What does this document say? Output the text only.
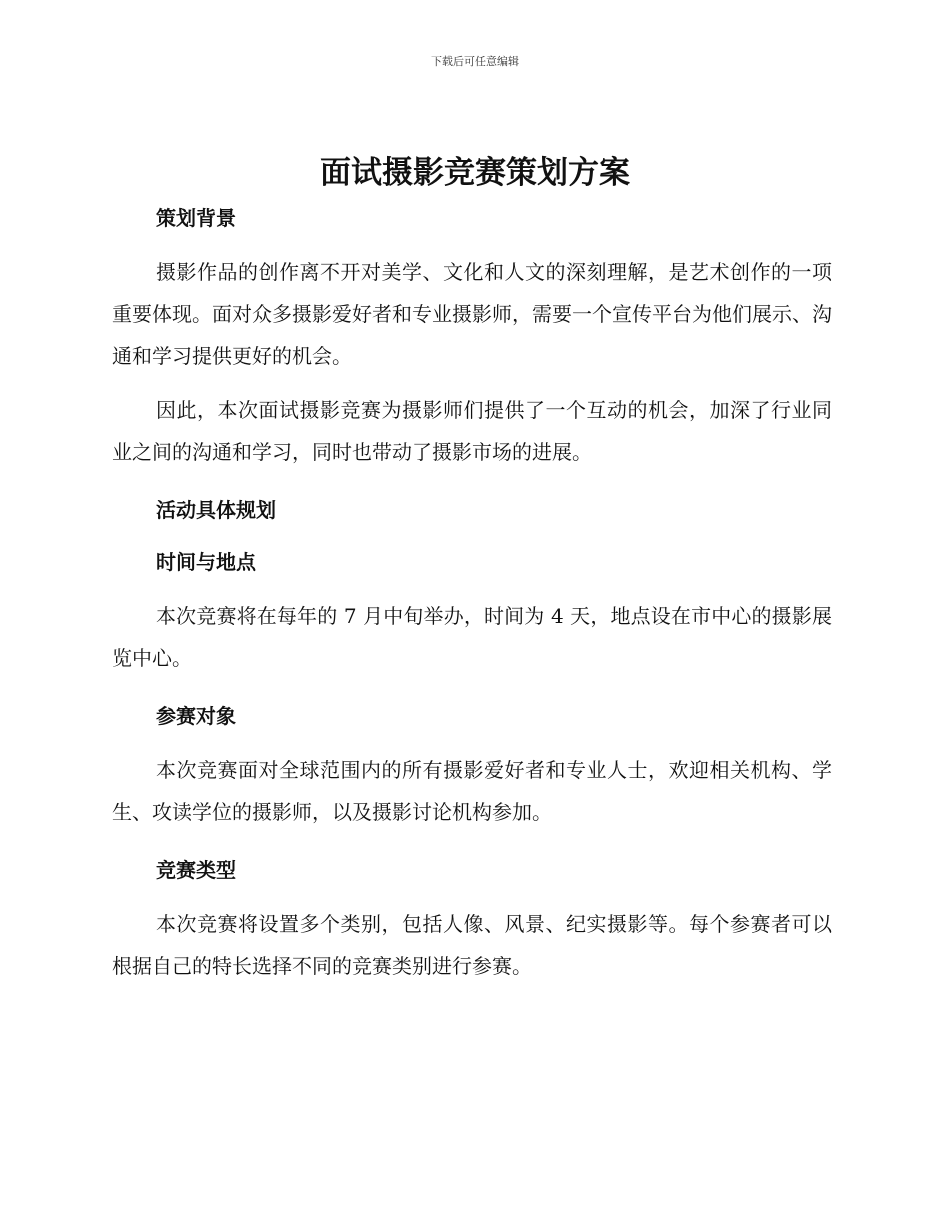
下载后可任意编辑
面试摄影竞赛策划方案

策划背景

摄影作品的创作离不开对美学、文化和人文的深刻理解，是艺术创作的一项重要体现。面对众多摄影爱好者和专业摄影师，需要一个宣传平台为他们展示、沟通和学习提供更好的机会。

因此，本次面试摄影竞赛为摄影师们提供了一个互动的机会，加深了行业同业之间的沟通和学习，同时也带动了摄影市场的进展。

活动具体规划

时间与地点

本次竞赛将在每年的 7 月中旬举办，时间为 4 天，地点设在市中心的摄影展览中心。

参赛对象

本次竞赛面对全球范围内的所有摄影爱好者和专业人士，欢迎相关机构、学生、攻读学位的摄影师，以及摄影讨论机构参加。

竞赛类型

本次竞赛将设置多个类别，包括人像、风景、纪实摄影等。每个参赛者可以根据自己的特长选择不同的竞赛类别进行参赛。
